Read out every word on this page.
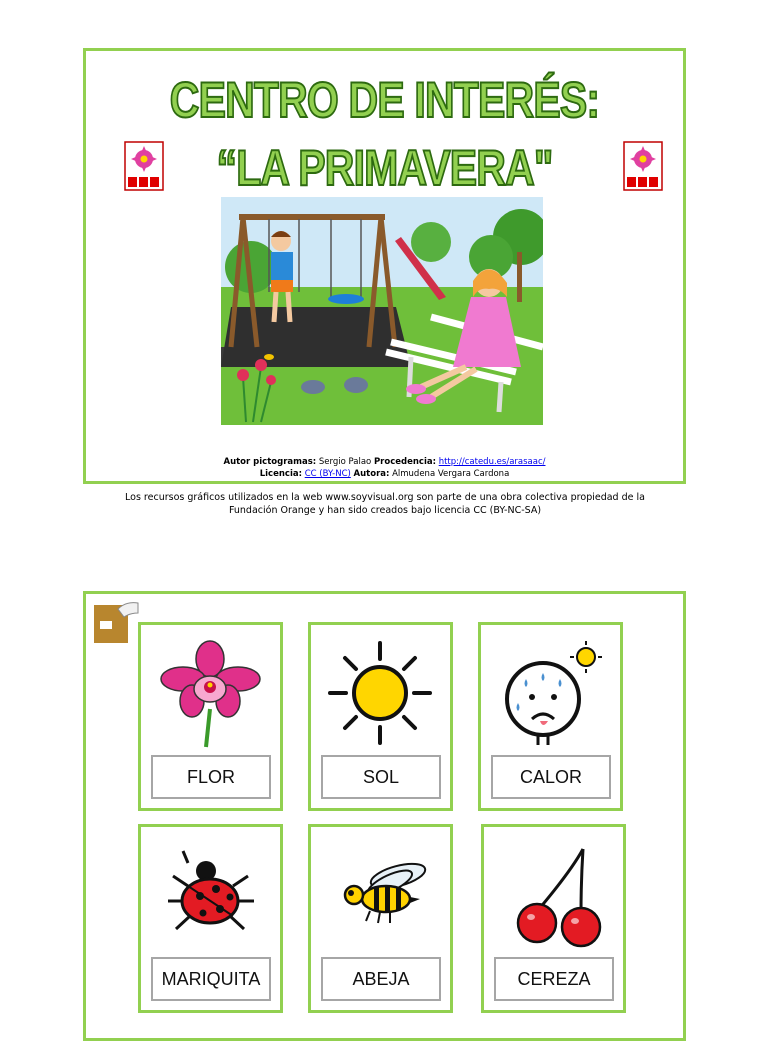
CENTRO DE INTERÉS:
“LA PRIMAVERA"
Autor pictogramas: Sergio Palao Procedencia: http://catedu.es/arasaac/
Licencia: CC (BY-NC) Autora: Almudena Vergara Cardona
Los recursos gráficos utilizados en la web www.soyvisual.org son parte de una obra colectiva propiedad de la
Fundación Orange y han sido creados bajo licencia CC (BY-NC-SA)
FLOR	SOL	CALOR
MARIQUITA	ABEJA	CEREZA
